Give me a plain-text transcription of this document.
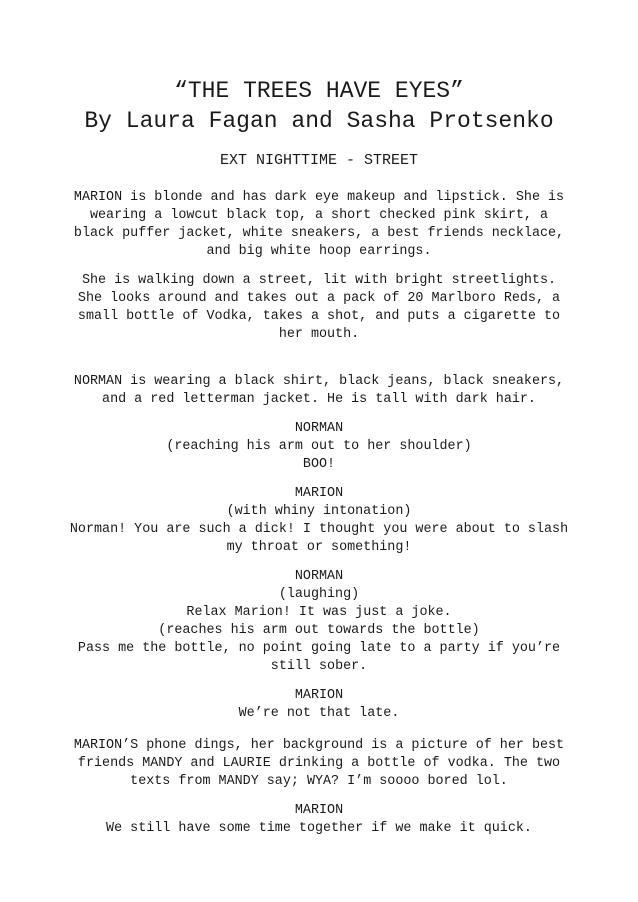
“THE TREES HAVE EYES”
By Laura Fagan and Sasha Protsenko
EXT NIGHTTIME - STREET
MARION is blonde and has dark eye makeup and lipstick. She is
wearing a lowcut black top, a short checked pink skirt, a
black puffer jacket, white sneakers, a best friends necklace,
and big white hoop earrings.
She is walking down a street, lit with bright streetlights.
She looks around and takes out a pack of 20 Marlboro Reds, a
small bottle of Vodka, takes a shot, and puts a cigarette to
her mouth.
NORMAN is wearing a black shirt, black jeans, black sneakers,
and a red letterman jacket. He is tall with dark hair.
NORMAN
(reaching his arm out to her shoulder)
BOO!
MARION
(with whiny intonation)
Norman! You are such a dick! I thought you were about to slash
my throat or something!
NORMAN
(laughing)
Relax Marion! It was just a joke.
(reaches his arm out towards the bottle)
Pass me the bottle, no point going late to a party if you’re
still sober.
MARION
We’re not that late.
MARION’S phone dings, her background is a picture of her best
friends MANDY and LAURIE drinking a bottle of vodka. The two
texts from MANDY say; WYA? I’m soooo bored lol.
MARION
We still have some time together if we make it quick.
